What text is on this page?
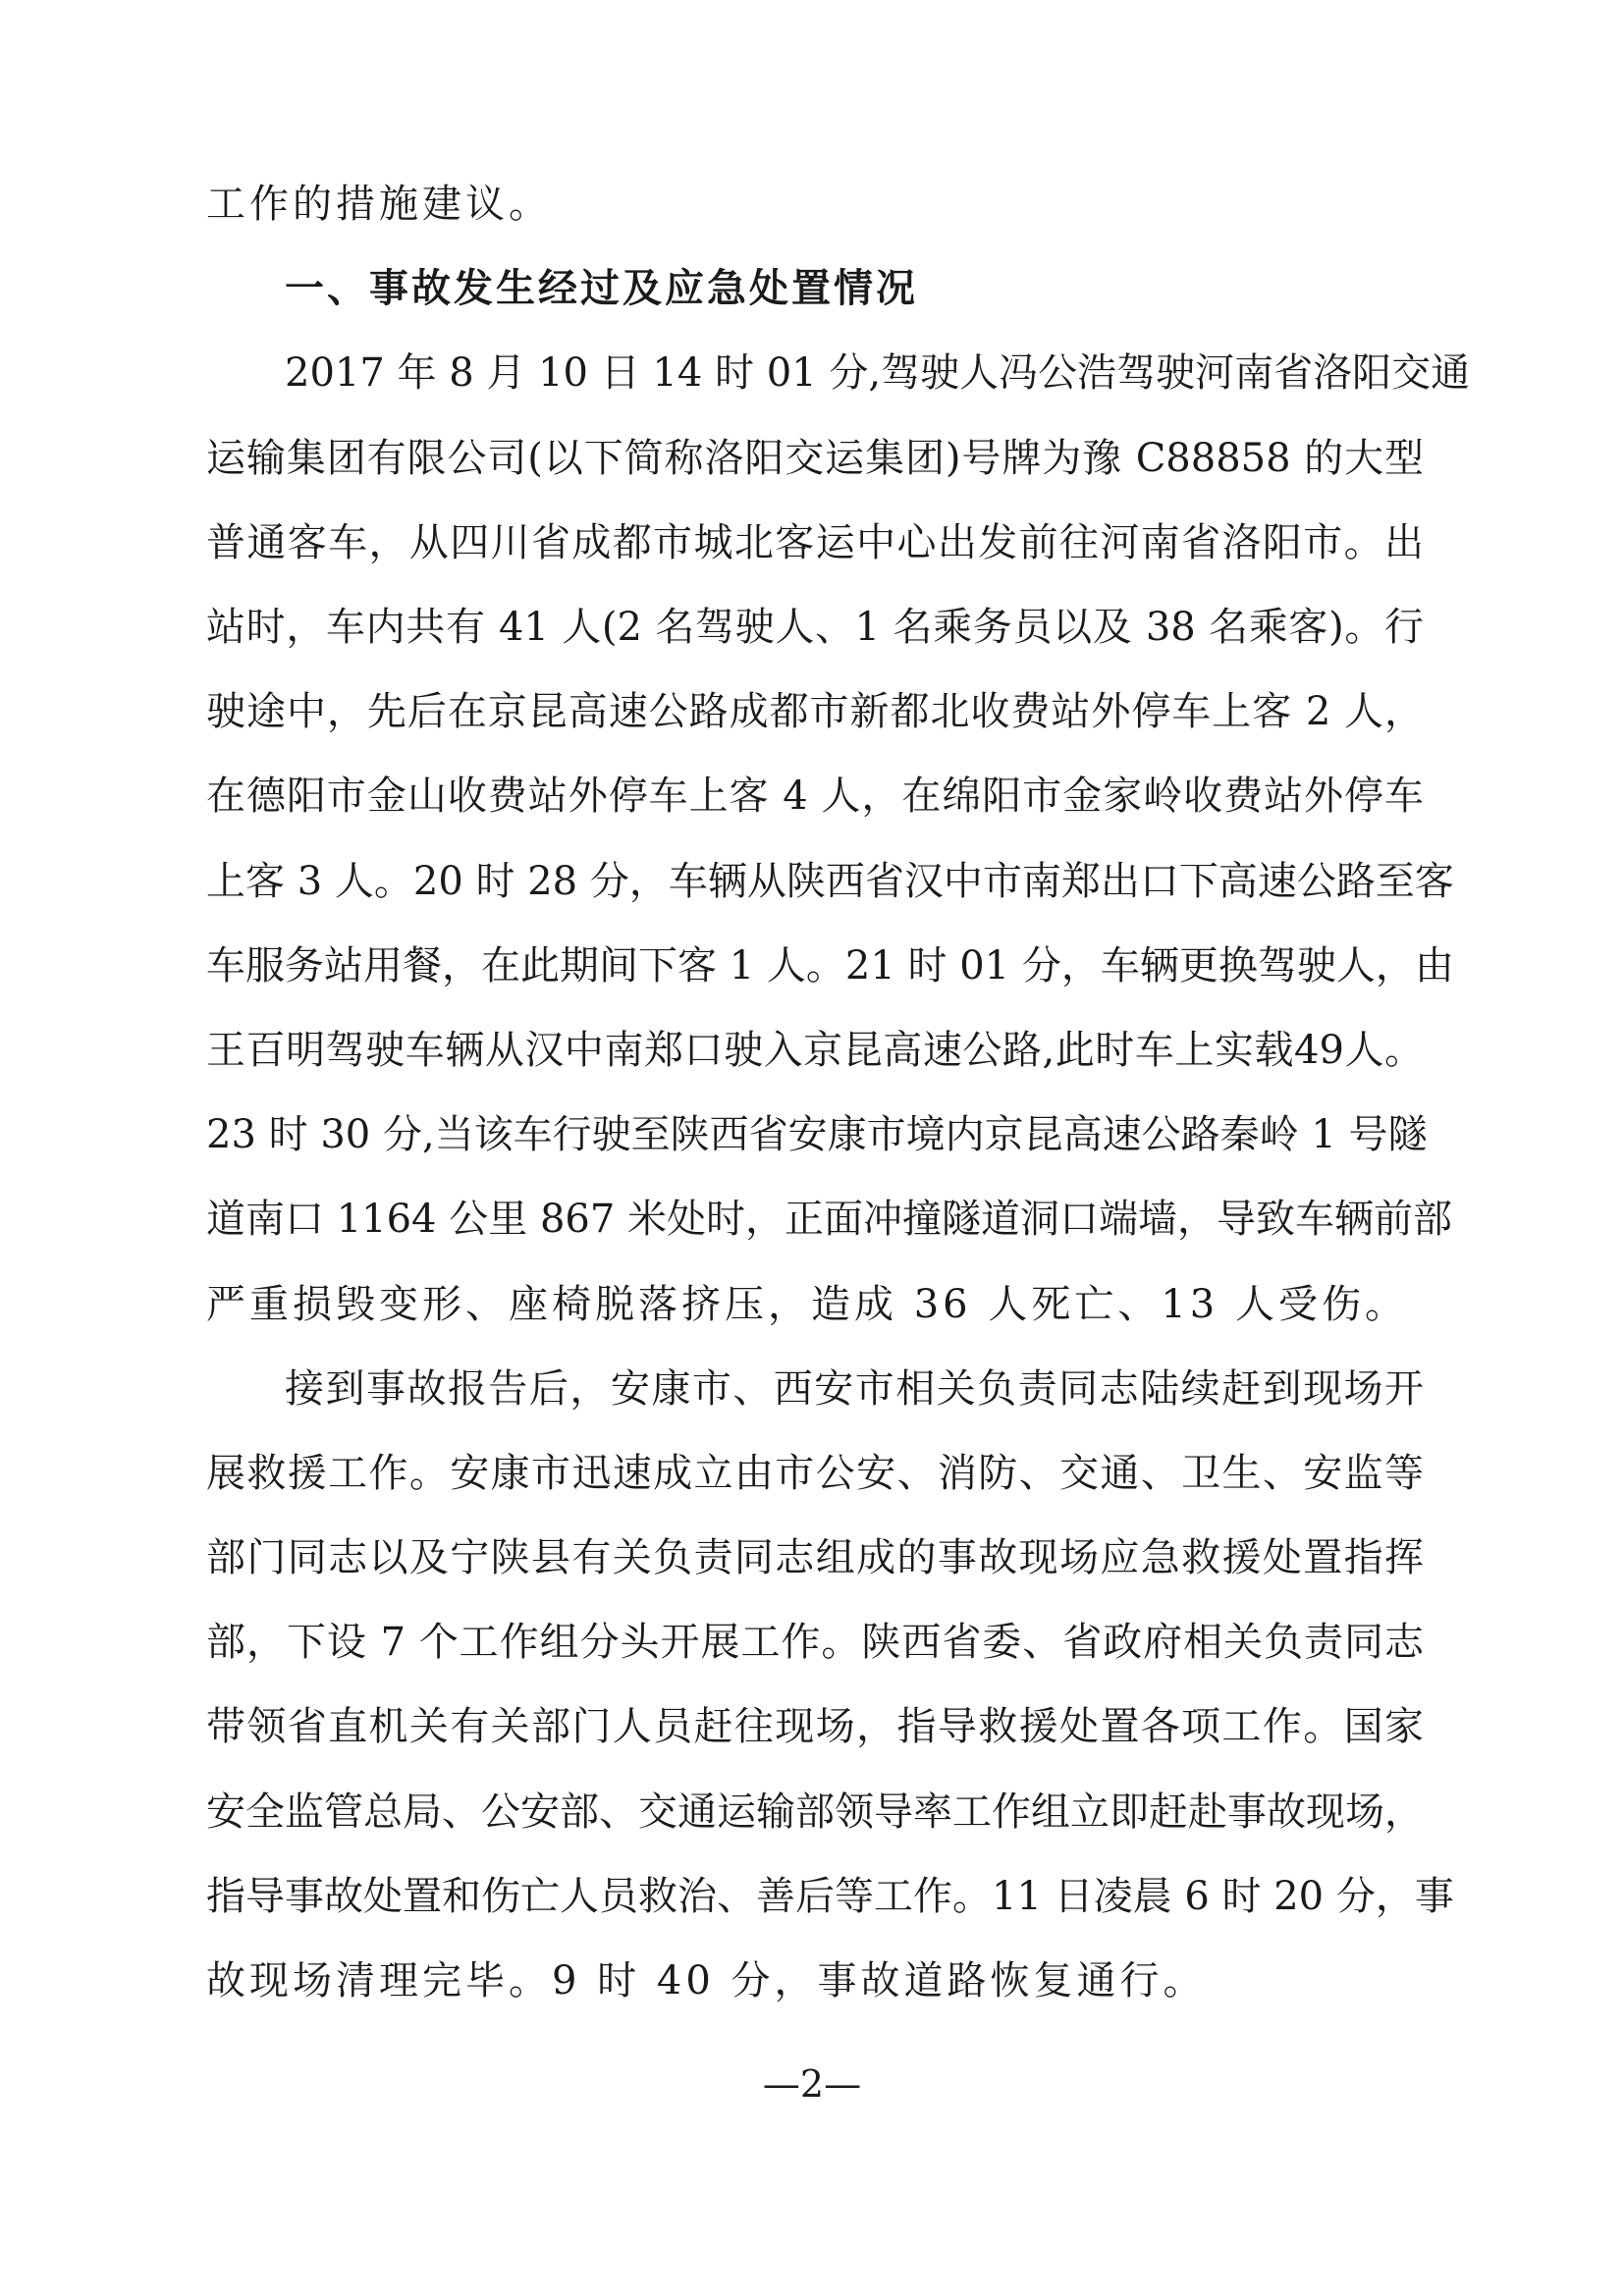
工作的措施建议。
一、事故发生经过及应急处置情况
2017 年 8 月 10 日 14 时 01 分,驾驶人冯公浩驾驶河南省洛阳交通
运输集团有限公司(以下简称洛阳交运集团)号牌为豫 C88858 的大型
普通客车，从四川省成都市城北客运中心出发前往河南省洛阳市。出
站时，车内共有 41 人(2 名驾驶人、1 名乘务员以及 38 名乘客)。行
驶途中，先后在京昆高速公路成都市新都北收费站外停车上客 2 人，
在德阳市金山收费站外停车上客 4 人，在绵阳市金家岭收费站外停车
上客 3 人。20 时 28 分，车辆从陕西省汉中市南郑出口下高速公路至客
车服务站用餐，在此期间下客 1 人。21 时 01 分，车辆更换驾驶人，由
王百明驾驶车辆从汉中南郑口驶入京昆高速公路,此时车上实载49人。
23 时 30 分,当该车行驶至陕西省安康市境内京昆高速公路秦岭 1 号隧
道南口 1164 公里 867 米处时，正面冲撞隧道洞口端墙，导致车辆前部
严重损毁变形、座椅脱落挤压，造成 36 人死亡、13 人受伤。
接到事故报告后，安康市、西安市相关负责同志陆续赶到现场开
展救援工作。安康市迅速成立由市公安、消防、交通、卫生、安监等
部门同志以及宁陕县有关负责同志组成的事故现场应急救援处置指挥
部，下设 7 个工作组分头开展工作。陕西省委、省政府相关负责同志
带领省直机关有关部门人员赶往现场，指导救援处置各项工作。国家
安全监管总局、公安部、交通运输部领导率工作组立即赶赴事故现场，
指导事故处置和伤亡人员救治、善后等工作。11 日凌晨 6 时 20 分，事
故现场清理完毕。9 时 40 分，事故道路恢复通行。
—2—
